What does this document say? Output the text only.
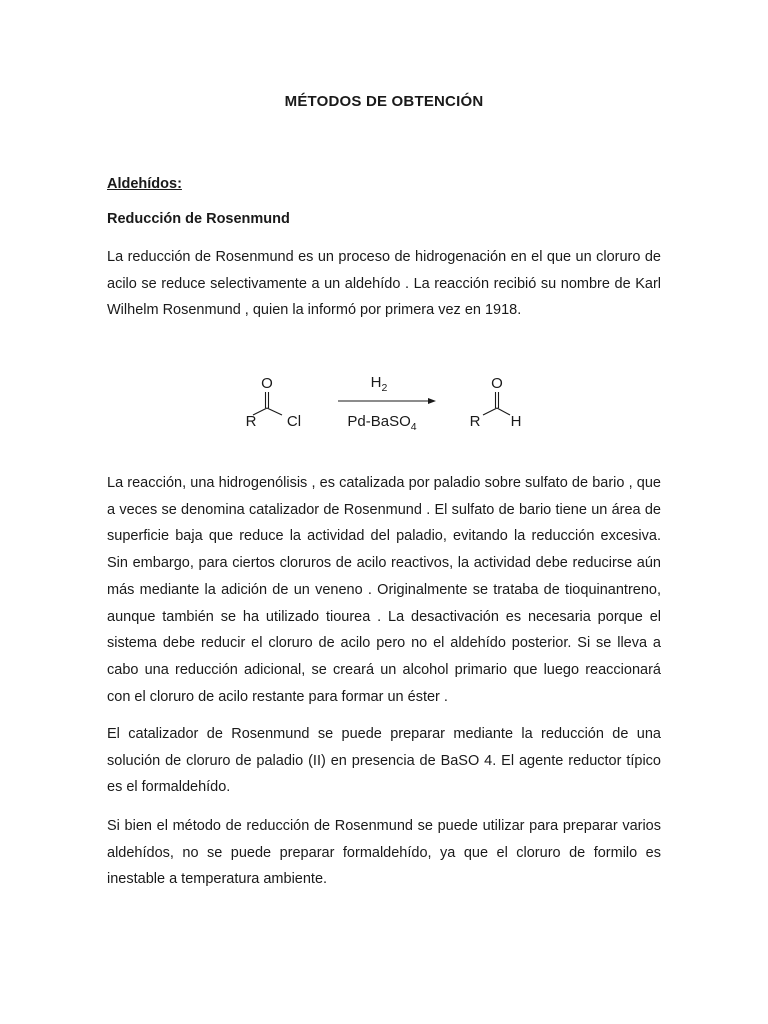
MÉTODOS DE OBTENCIÓN
Aldehídos:
Reducción de Rosenmund

La reducción de Rosenmund es un proceso de hidrogenación en el que un cloruro de acilo se reduce selectivamente a un aldehído . La reacción recibió su nombre de Karl Wilhelm Rosenmund , quien la informó por primera vez en 1918.

O
R Cl
$H_2$
Pd-BaSO$_4$
O
R H

La reacción, una hidrogenólisis , es catalizada por paladio sobre sulfato de bario , que a veces se denomina catalizador de Rosenmund . El sulfato de bario tiene un área de superficie baja que reduce la actividad del paladio, evitando la reducción excesiva. Sin embargo, para ciertos cloruros de acilo reactivos, la actividad debe reducirse aún más mediante la adición de un veneno . Originalmente se trataba de tioquinantreno, aunque también se ha utilizado tiourea . La desactivación es necesaria porque el sistema debe reducir el cloruro de acilo pero no el aldehído posterior. Si se lleva a cabo una reducción adicional, se creará un alcohol primario que luego reaccionará con el cloruro de acilo restante para formar un éster .

El catalizador de Rosenmund se puede preparar mediante la reducción de una solución de cloruro de paladio (II) en presencia de BaSO 4. El agente reductor típico es el formaldehído.

Si bien el método de reducción de Rosenmund se puede utilizar para preparar varios aldehídos, no se puede preparar formaldehído, ya que el cloruro de formilo es inestable a temperatura ambiente.
